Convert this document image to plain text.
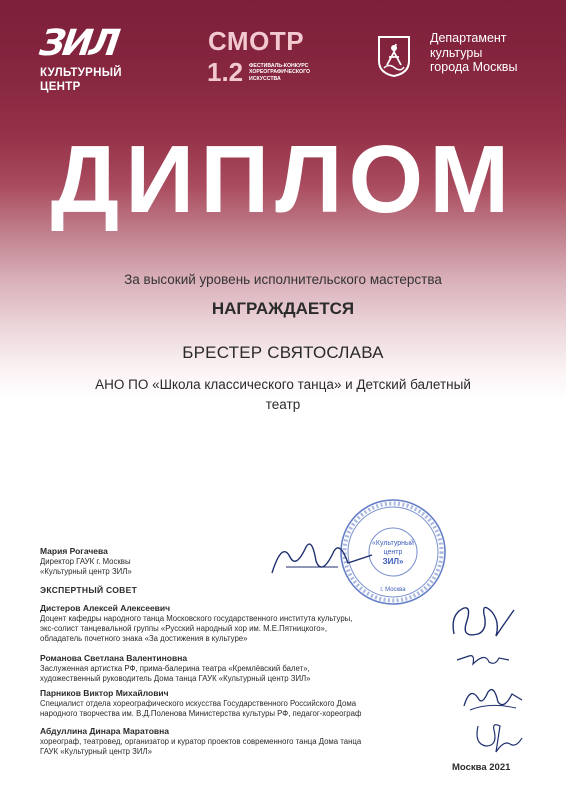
ЗИЛ
КУЛЬТУРНЫЙ
ЦЕНТР
СМОТР
1.2 ФЕСТИВАЛЬ-КОНКУРС
ХОРЕОГРАФИЧЕСКОГО
ИСКУССТВА
Департамент
культуры
города Москвы
ДИПЛОМ
За высокий уровень исполнительского мастерства
НАГРАЖДАЕТСЯ
БРЕСТЕР СВЯТОСЛАВА
АНО ПО «Школа классического танца» и Детский балетный
театр
«Культурный
центр
ЗИЛ»
г. Москва
Мария Рогачева
Директор ГАУК г. Москвы
«Культурный центр ЗИЛ»
ЭКСПЕРТНЫЙ СОВЕТ
Дистеров Алексей Алексеевич
Доцент кафедры народного танца Московского государственного института культуры,
экс-солист танцевальной группы «Русский народный хор им. М.Е.Пятницкого»,
обладатель почетного знака «За достижения в культуре»
Романова Светлана Валентиновна
Заслуженная артистка РФ, прима-балерина театра «Кремлёвский балет»,
художественный руководитель Дома танца ГАУК «Культурный центр ЗИЛ»
Парников Виктор Михайлович
Специалист отдела хореографического искусства Государственного Российского Дома
народного творчества им. В.Д.Поленова Министерства культуры РФ, педагог-хореограф
Абдуллина Динара Маратовна
хореограф, театровед, организатор и куратор проектов современного танца Дома танца
ГАУК «Культурный центр ЗИЛ»
Москва 2021
